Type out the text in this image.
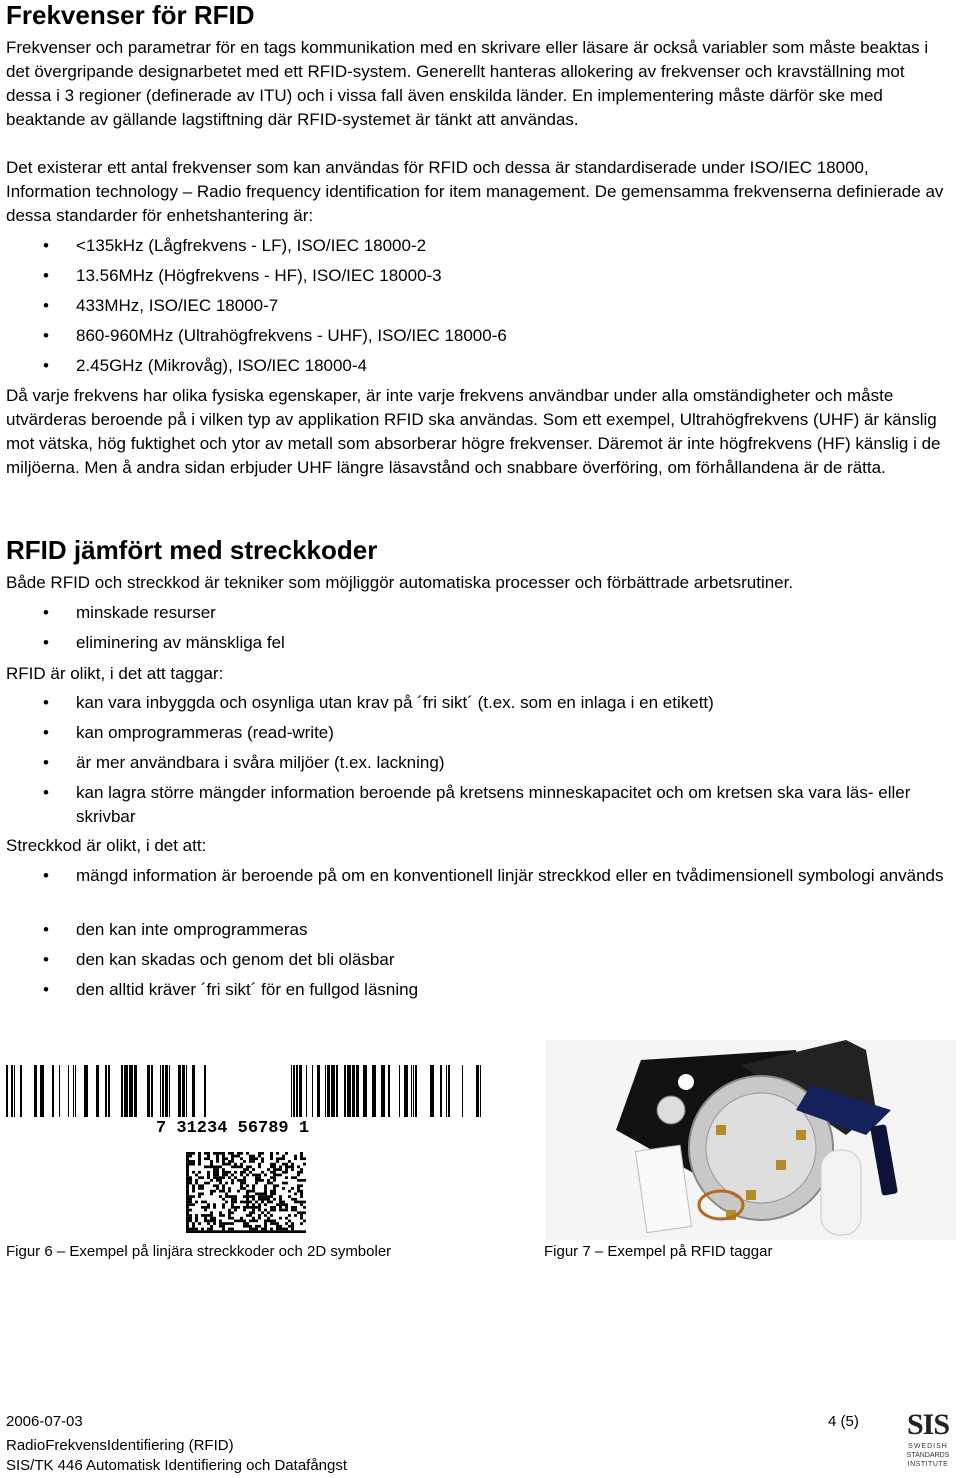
Frekvenser för RFID

Frekvenser och parametrar för en tags kommunikation med en skrivare eller läsare är också variabler som måste beaktas i det övergripande designarbetet med ett RFID-system. Generellt hanteras allokering av frekvenser och kravställning mot dessa i 3 regioner (definerade av ITU) och i vissa fall även enskilda länder. En implementering måste därför ske med beaktande av gällande lagstiftning där RFID-systemet är tänkt att användas.

Det existerar ett antal frekvenser som kan användas för RFID och dessa är standardiserade under ISO/IEC 18000, Information technology – Radio frequency identification for item management. De gemensamma frekvenserna definierade av dessa standarder för enhetshantering är:

•	<135kHz (Lågfrekvens - LF), ISO/IEC 18000-2
•	13.56MHz (Högfrekvens - HF), ISO/IEC 18000-3
•	433MHz, ISO/IEC 18000-7
•	860-960MHz (Ultrahögfrekvens - UHF), ISO/IEC 18000-6
•	2.45GHz (Mikrovåg), ISO/IEC 18000-4

Då varje frekvens har olika fysiska egenskaper, är inte varje frekvens användbar under alla omständigheter och måste utvärderas beroende på i vilken typ av applikation RFID ska användas. Som ett exempel, Ultrahögfrekvens (UHF) är känslig mot vätska, hög fuktighet och ytor av metall som absorberar högre frekvenser. Däremot är inte högfrekvens (HF) känslig i de miljöerna. Men å andra sidan erbjuder UHF längre läsavstånd och snabbare överföring, om förhållandena är de rätta.

RFID jämfört med streckkoder

Både RFID och streckkod är tekniker som möjliggör automatiska processer och förbättrade arbetsrutiner.

•	minskade resurser
•	eliminering av mänskliga fel

RFID är olikt, i det att taggar:

•	kan vara inbyggda och osynliga utan krav på ´fri sikt´ (t.ex. som en inlaga i en etikett)
•	kan omprogrammeras (read-write)
•	är mer användbara i svåra miljöer (t.ex. lackning)
•	kan lagra större mängder information beroende på kretsens minneskapacitet och om kretsen ska vara läs- eller skrivbar

Streckkod är olikt, i det att:

•	mängd information är beroende på om en konventionell linjär streckkod eller en tvådimensionell symbologi används
•	den kan inte omprogrammeras
•	den kan skadas och genom det bli oläsbar
•	den alltid kräver ´fri sikt´ för en fullgod läsning
7 31234 56789 1

Figur 6 – Exempel på linjära streckkoder och 2D symboler	Figur 7 – Exempel på RFID taggar

2006-07-03	4 (5)

RadioFrekvensIdentifiering (RFID)

SIS/TK 446 Automatisk Identifiering och Datafångst

SIS
SWEDISH
STANDARDS
INSTITUTE
